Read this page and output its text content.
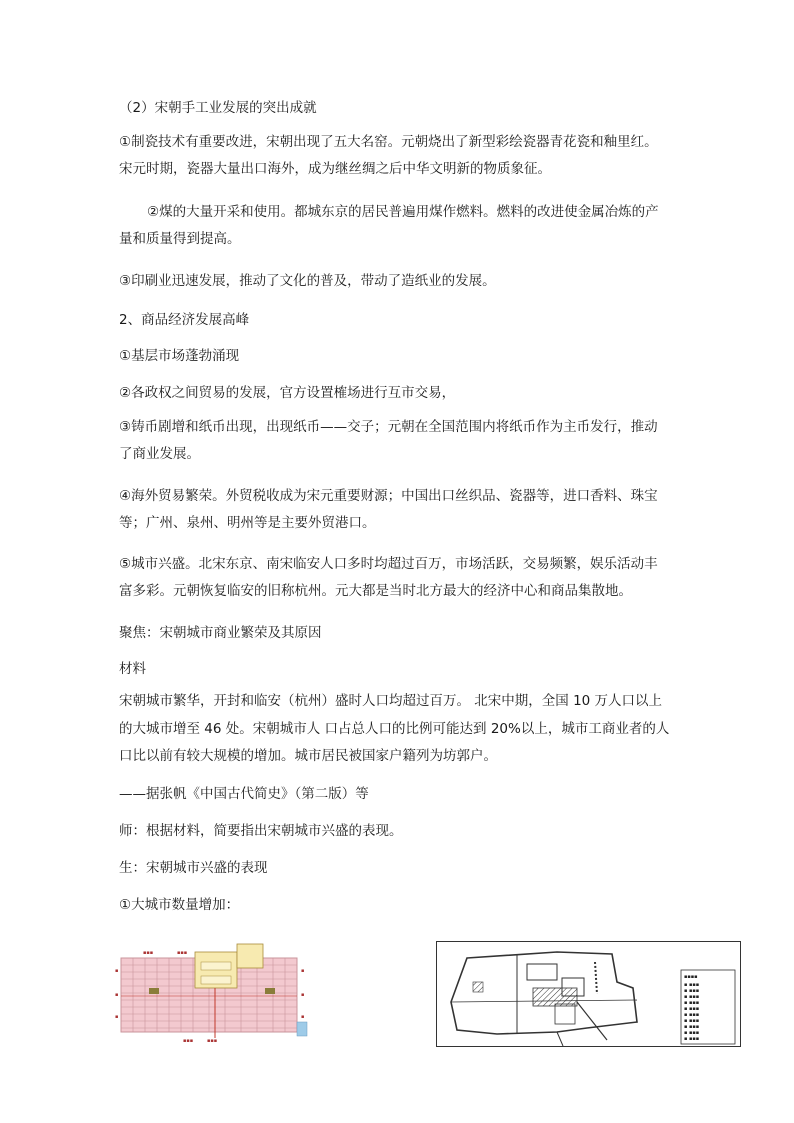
（2）宋朝手工业发展的突出成就
①制瓷技术有重要改进，宋朝出现了五大名窑。元朝烧出了新型彩绘瓷器青花瓷和釉里红。
宋元时期，瓷器大量出口海外，成为继丝绸之后中华文明新的物质象征。
②煤的大量开采和使用。都城东京的居民普遍用煤作燃料。燃料的改进使金属冶炼的产
量和质量得到提高。
③印刷业迅速发展，推动了文化的普及，带动了造纸业的发展。
2、商品经济发展高峰
①基层市场蓬勃涌现
②各政权之间贸易的发展，官方设置榷场进行互市交易，
③铸币剧增和纸币出现，出现纸币——交子；元朝在全国范围内将纸币作为主币发行，推动
了商业发展。
④海外贸易繁荣。外贸税收成为宋元重要财源；中国出口丝织品、瓷器等，进口香料、珠宝
等；广州、泉州、明州等是主要外贸港口。
⑤城市兴盛。北宋东京、南宋临安人口多时均超过百万，市场活跃，交易频繁，娱乐活动丰
富多彩。元朝恢复临安的旧称杭州。元大都是当时北方最大的经济中心和商品集散地。
聚焦：宋朝城市商业繁荣及其原因
材料
宋朝城市繁华，开封和临安（杭州）盛时人口均超过百万。 北宋中期，全国 10 万人口以上
的大城市增至 46 处。宋朝城市人 口占总人口的比例可能达到 20%以上，城市工商业者的人
口比以前有较大规模的增加。城市居民被国家户籍列为坊郭户。
——据张帆《中国古代简史》（第二版）等
师：根据材料，简要指出宋朝城市兴盛的表现。
生：宋朝城市兴盛的表现
①大城市数量增加：
▪▪▪	▪▪▪
▪
▪
▪
▪
▪
▪
▪▪▪	▪▪▪
▪▪▪▪
▪ ▪▪▪
▪ ▪▪▪
▪ ▪▪▪
▪ ▪▪▪
▪ ▪▪▪
▪ ▪▪▪
▪ ▪▪▪
▪ ▪▪▪
▪ ▪▪▪
▪ ▪▪▪
